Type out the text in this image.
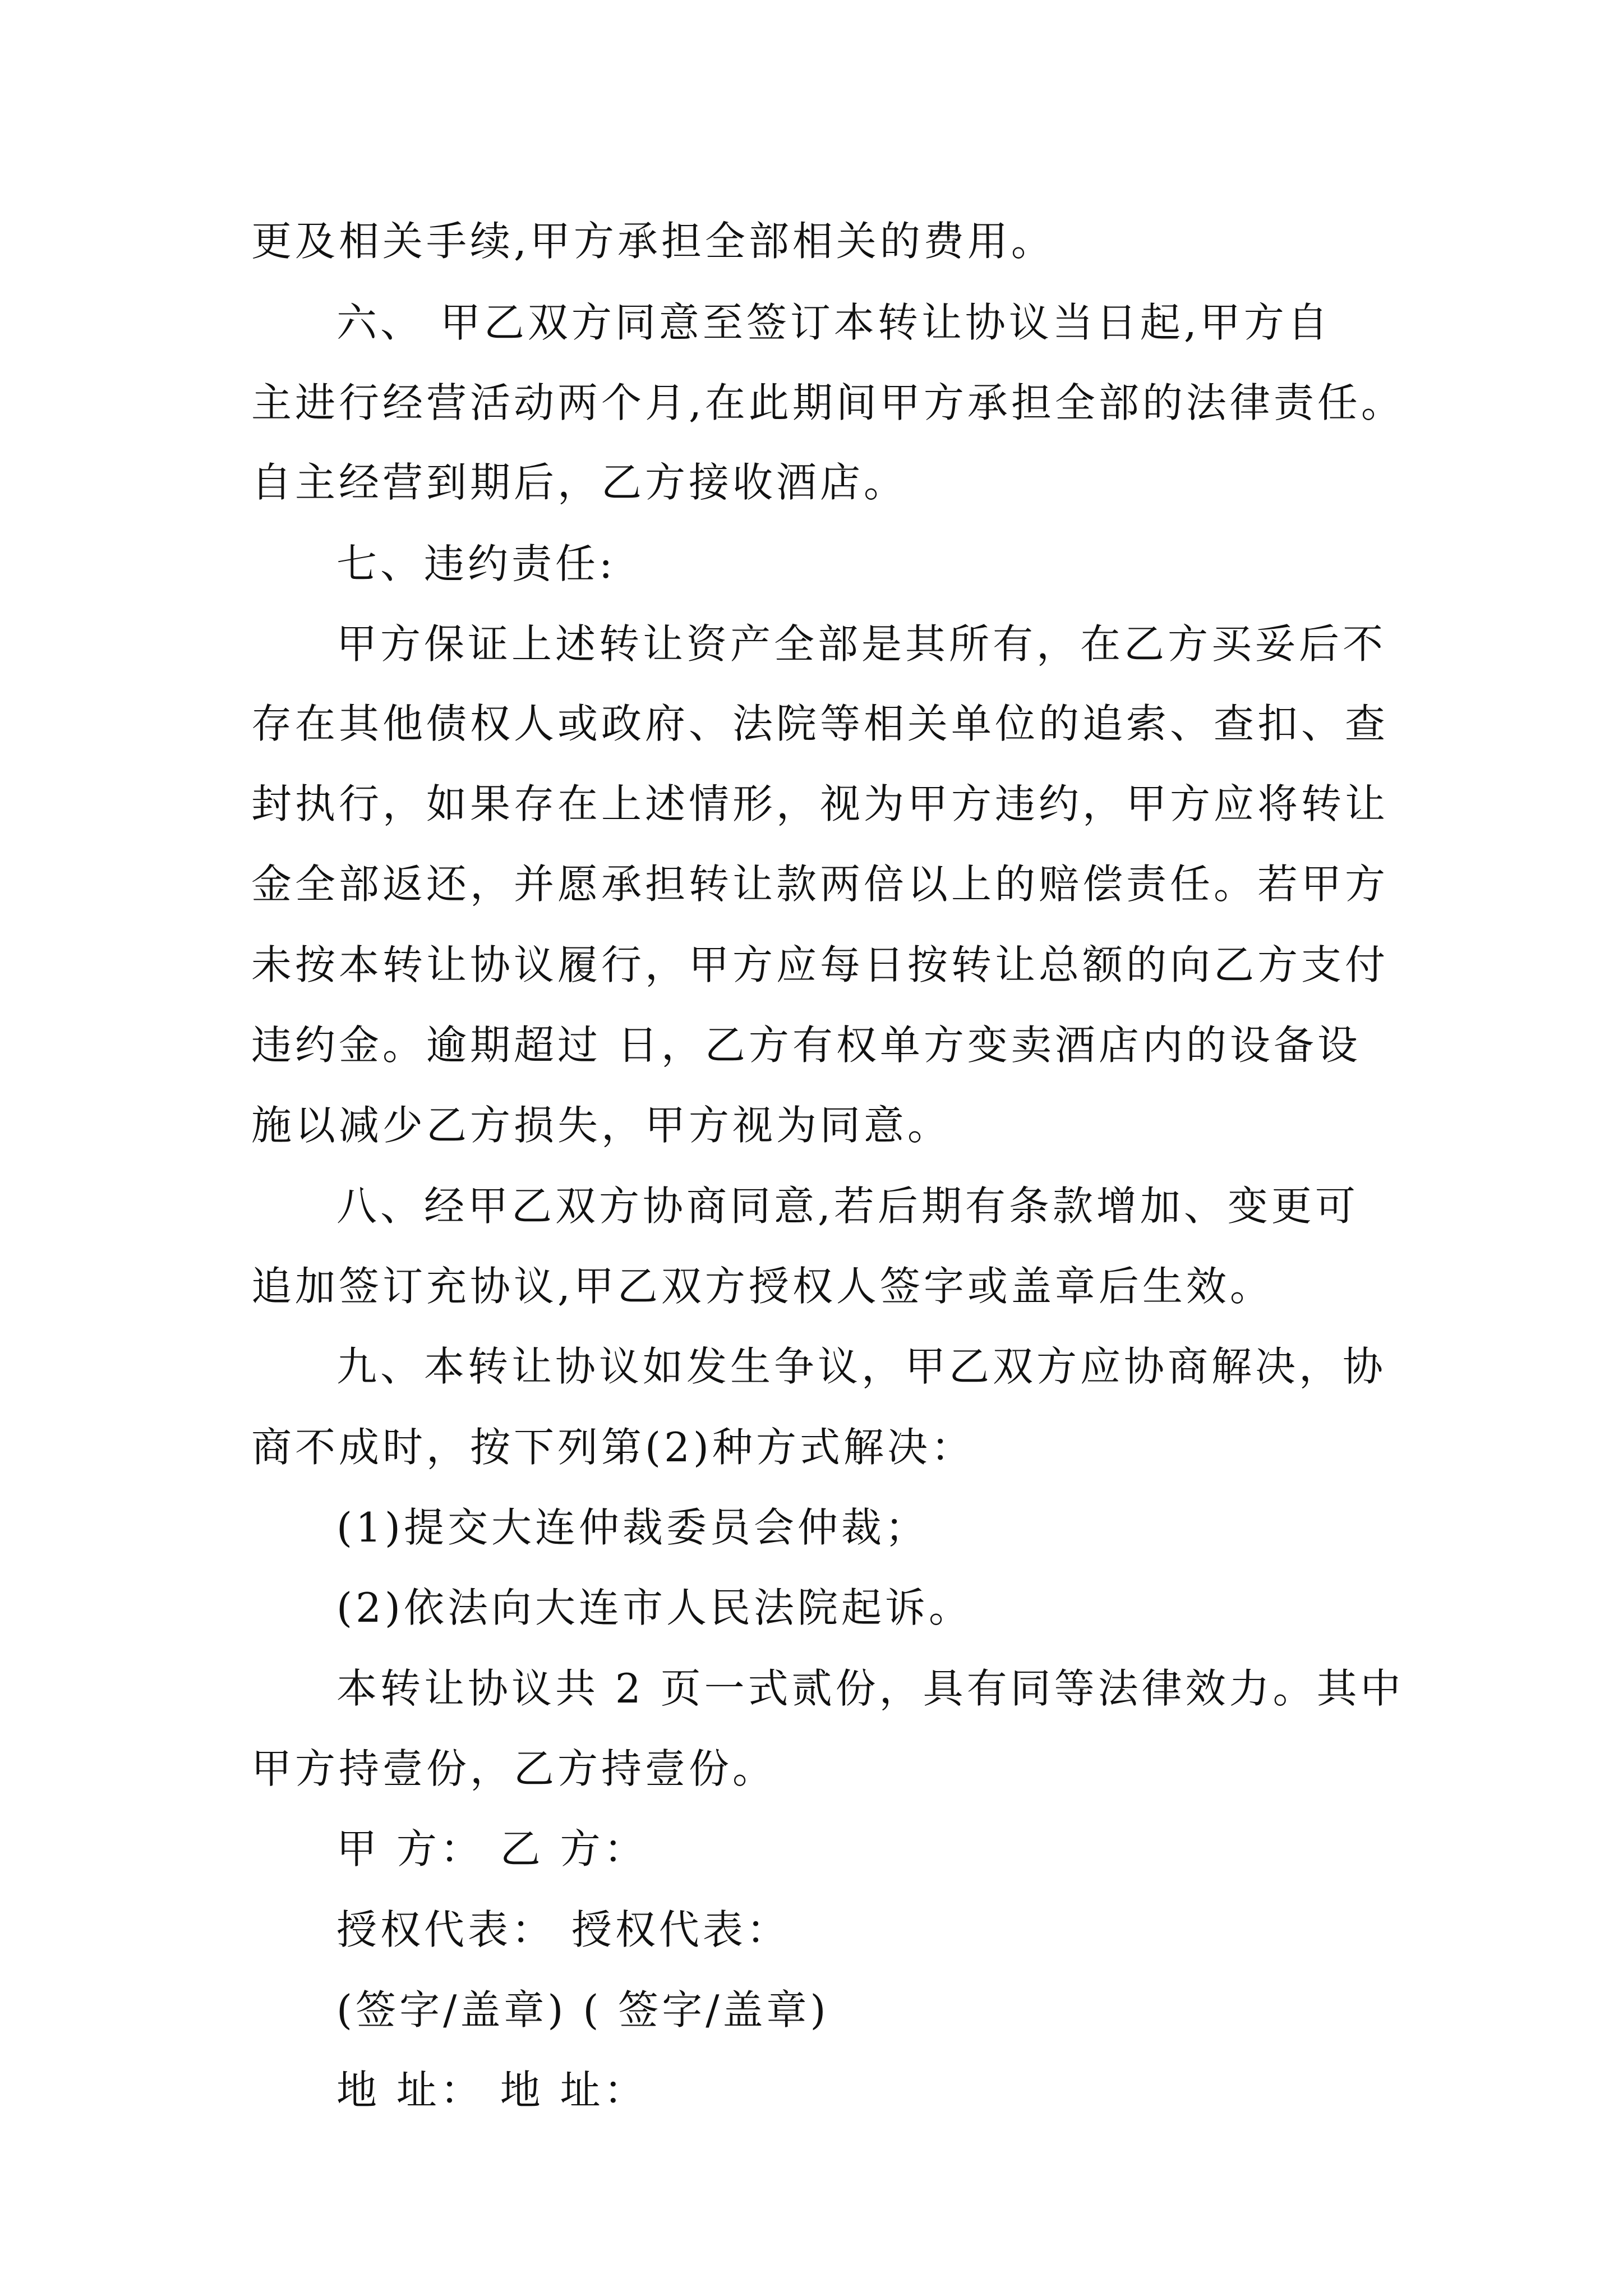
更及相关手续,甲方承担全部相关的费用。

六、 甲乙双方同意至签订本转让协议当日起,甲方自

主进行经营活动两个月,在此期间甲方承担全部的法律责任。

自主经营到期后，乙方接收酒店。

七、违约责任:

甲方保证上述转让资产全部是其所有，在乙方买妥后不

存在其他债权人或政府、法院等相关单位的追索、查扣、查

封执行，如果存在上述情形，视为甲方违约，甲方应将转让

金全部返还，并愿承担转让款两倍以上的赔偿责任。若甲方

未按本转让协议履行，甲方应每日按转让总额的向乙方支付

违约金。逾期超过 日，乙方有权单方变卖酒店内的设备设

施以减少乙方损失，甲方视为同意。

八、经甲乙双方协商同意,若后期有条款增加、变更可

追加签订充协议,甲乙双方授权人签字或盖章后生效。

九、本转让协议如发生争议，甲乙双方应协商解决，协

商不成时，按下列第(2)种方式解决：

(1)提交大连仲裁委员会仲裁；

(2)依法向大连市人民法院起诉。

本转让协议共 2 页一式贰份，具有同等法律效力。其中

甲方持壹份，乙方持壹份。

甲 方： 乙 方：

授权代表： 授权代表：

(签字/盖章) ( 签字/盖章)

地 址： 地 址：
